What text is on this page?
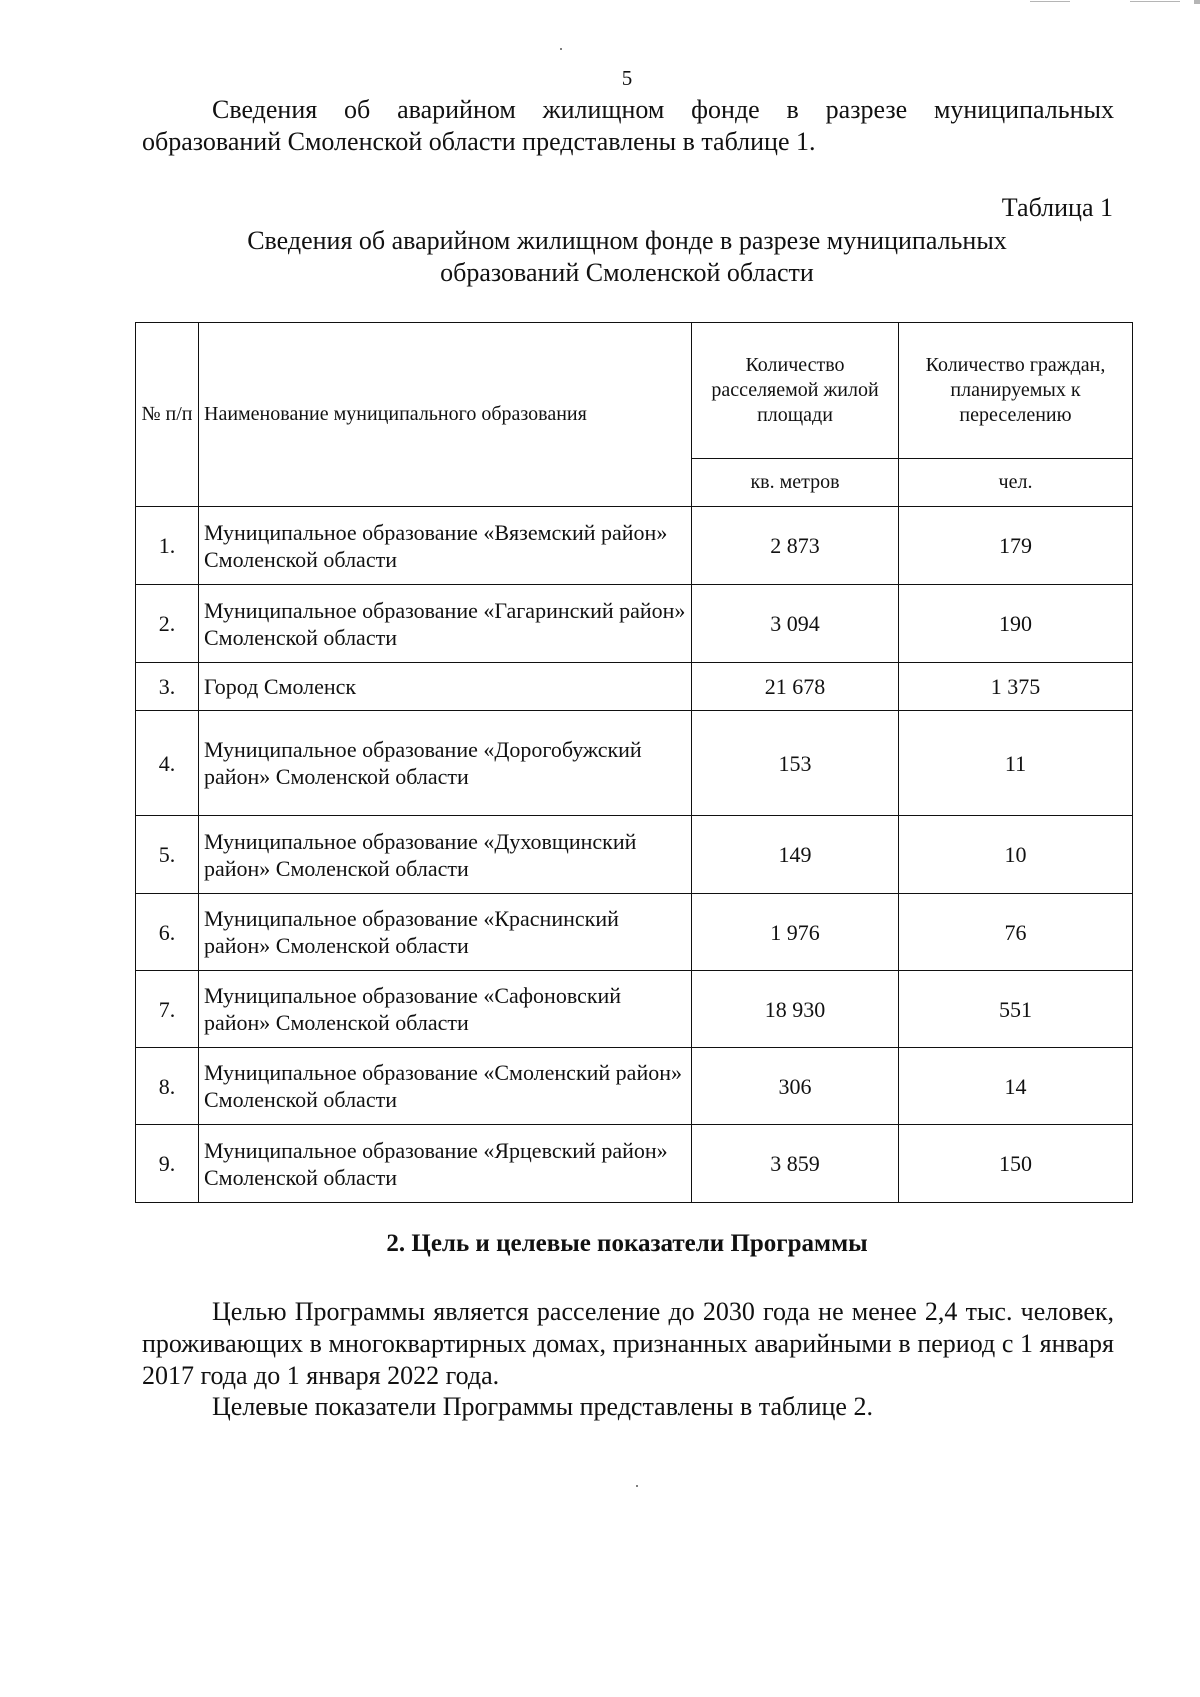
5
Сведения об аварийном жилищном фонде в разрезе муниципальных образований Смоленской области представлены в таблице 1.
Таблица 1
Сведения об аварийном жилищном фонде в разрезе муниципальных
образований Смоленской области
№ п/п	Наименование муниципального образования	Количество расселяемой жилой площади	Количество граждан, планируемых к переселению
		кв. метров	чел.
1.	Муниципальное образование «Вяземский район» Смоленской области	2 873	179
2.	Муниципальное образование «Гагаринский район» Смоленской области	3 094	190
3.	Город Смоленск	21 678	1 375
4.	Муниципальное образование «Дорогобужский район» Смоленской области	153	11
5.	Муниципальное образование «Духовщинский район» Смоленской области	149	10
6.	Муниципальное образование «Краснинский район» Смоленской области	1 976	76
7.	Муниципальное образование «Сафоновский район» Смоленской области	18 930	551
8.	Муниципальное образование «Смоленский район» Смоленской области	306	14
9.	Муниципальное образование «Ярцевский район» Смоленской области	3 859	150
2. Цель и целевые показатели Программы
Целью Программы является расселение до 2030 года не менее 2,4 тыс. человек, проживающих в многоквартирных домах, признанных аварийными в период с 1 января 2017 года до 1 января 2022 года.
Целевые показатели Программы представлены в таблице 2.
